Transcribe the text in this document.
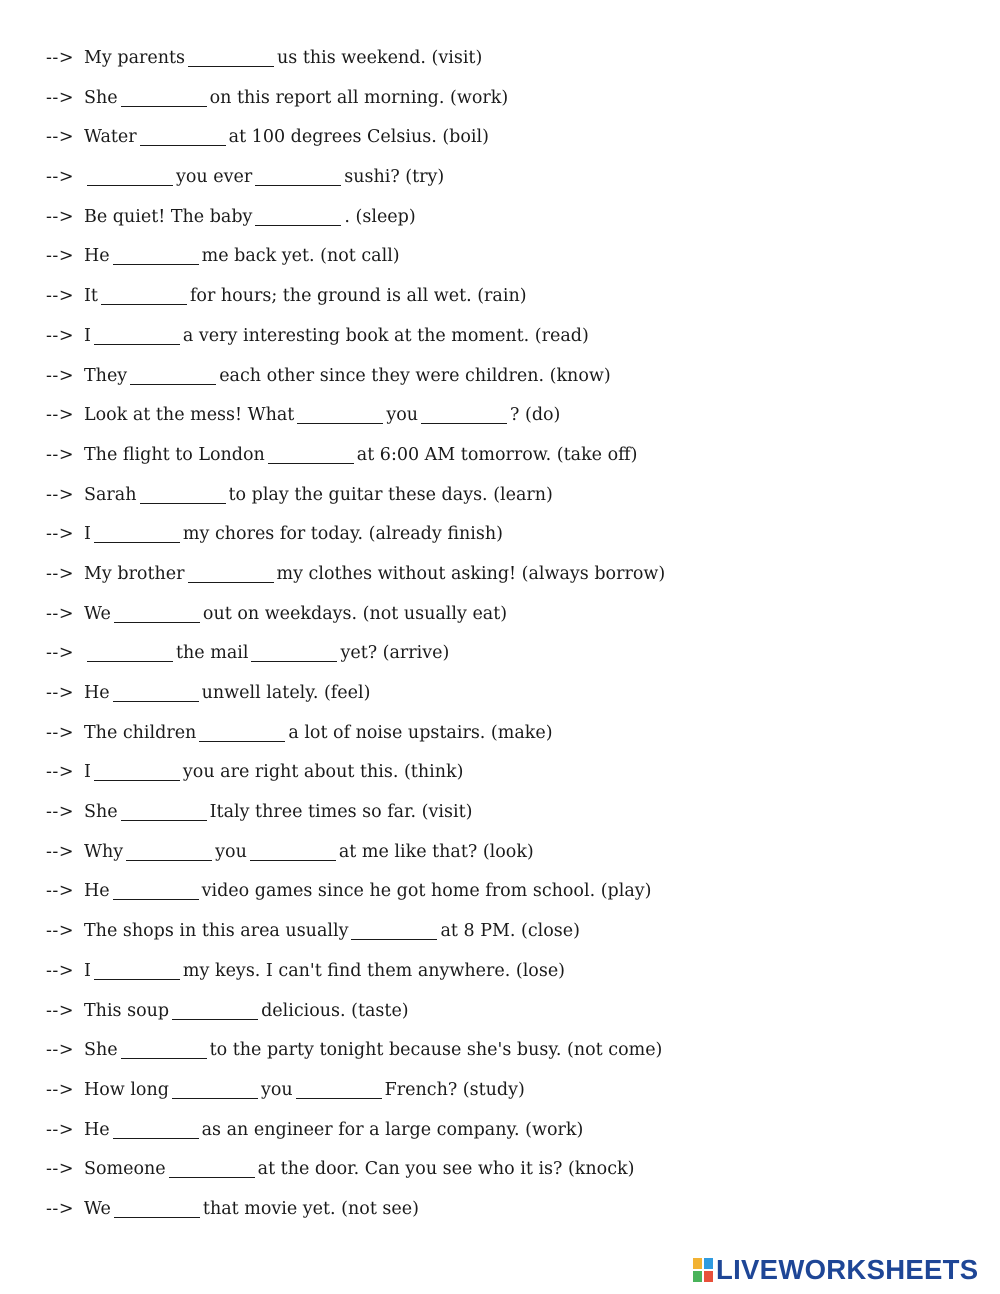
--> My parents	us this weekend. (visit)
--> She	on this report all morning. (work)
--> Water	at 100 degrees Celsius. (boil)
-->	you ever	sushi? (try)
--> Be quiet! The baby	. (sleep)
--> He	me back yet. (not call)
--> It	for hours; the ground is all wet. (rain)
--> I	a very interesting book at the moment. (read)
--> They	each other since they were children. (know)
--> Look at the mess! What	you	? (do)
--> The flight to London	at 6:00 AM tomorrow. (take off)
--> Sarah	to play the guitar these days. (learn)
--> I	my chores for today. (already finish)
--> My brother	my clothes without asking! (always borrow)
--> We	out on weekdays. (not usually eat)
-->	the mail	yet? (arrive)
--> He	unwell lately. (feel)
--> The children	a lot of noise upstairs. (make)
--> I	you are right about this. (think)
--> She	Italy three times so far. (visit)
--> Why	you	at me like that? (look)
--> He	video games since he got home from school. (play)
--> The shops in this area usually	at 8 PM. (close)
--> I	my keys. I can't find them anywhere. (lose)
--> This soup	delicious. (taste)
--> She	to the party tonight because she's busy. (not come)
--> How long	you	French? (study)
--> He	as an engineer for a large company. (work)
--> Someone	at the door. Can you see who it is? (knock)
--> We	that movie yet. (not see)
LIVEWORKSHEETS
